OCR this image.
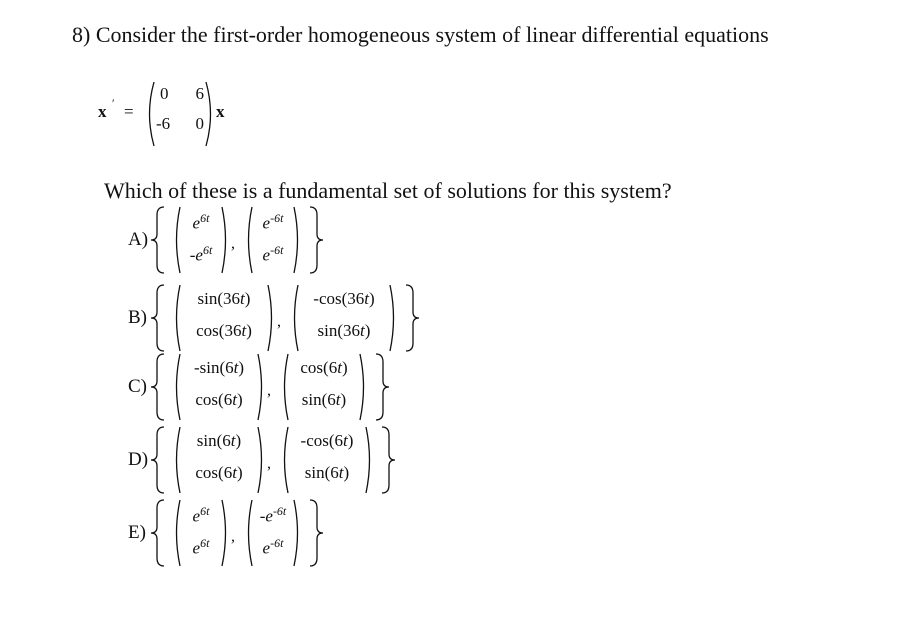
8) Consider the first-order homogeneous system of linear differential equations
x ′ =
0 6
-6 0
x
Which of these is a fundamental set of solutions for this system?
A)
$e^{6t}$
$-e^{6t}$	,
$e^{-6t}$
$e^{-6t}$
B)
sin(36t)
cos(36t)	,
-cos(36t)
sin(36t)
C)
-sin(6t)
cos(6t)	,
cos(6t)
sin(6t)
D)
sin(6t)
cos(6t)	,
-cos(6t)
sin(6t)
E)
$e^{6t}$
$e^{6t}$	,
$-e^{-6t}$
$e^{-6t}$
